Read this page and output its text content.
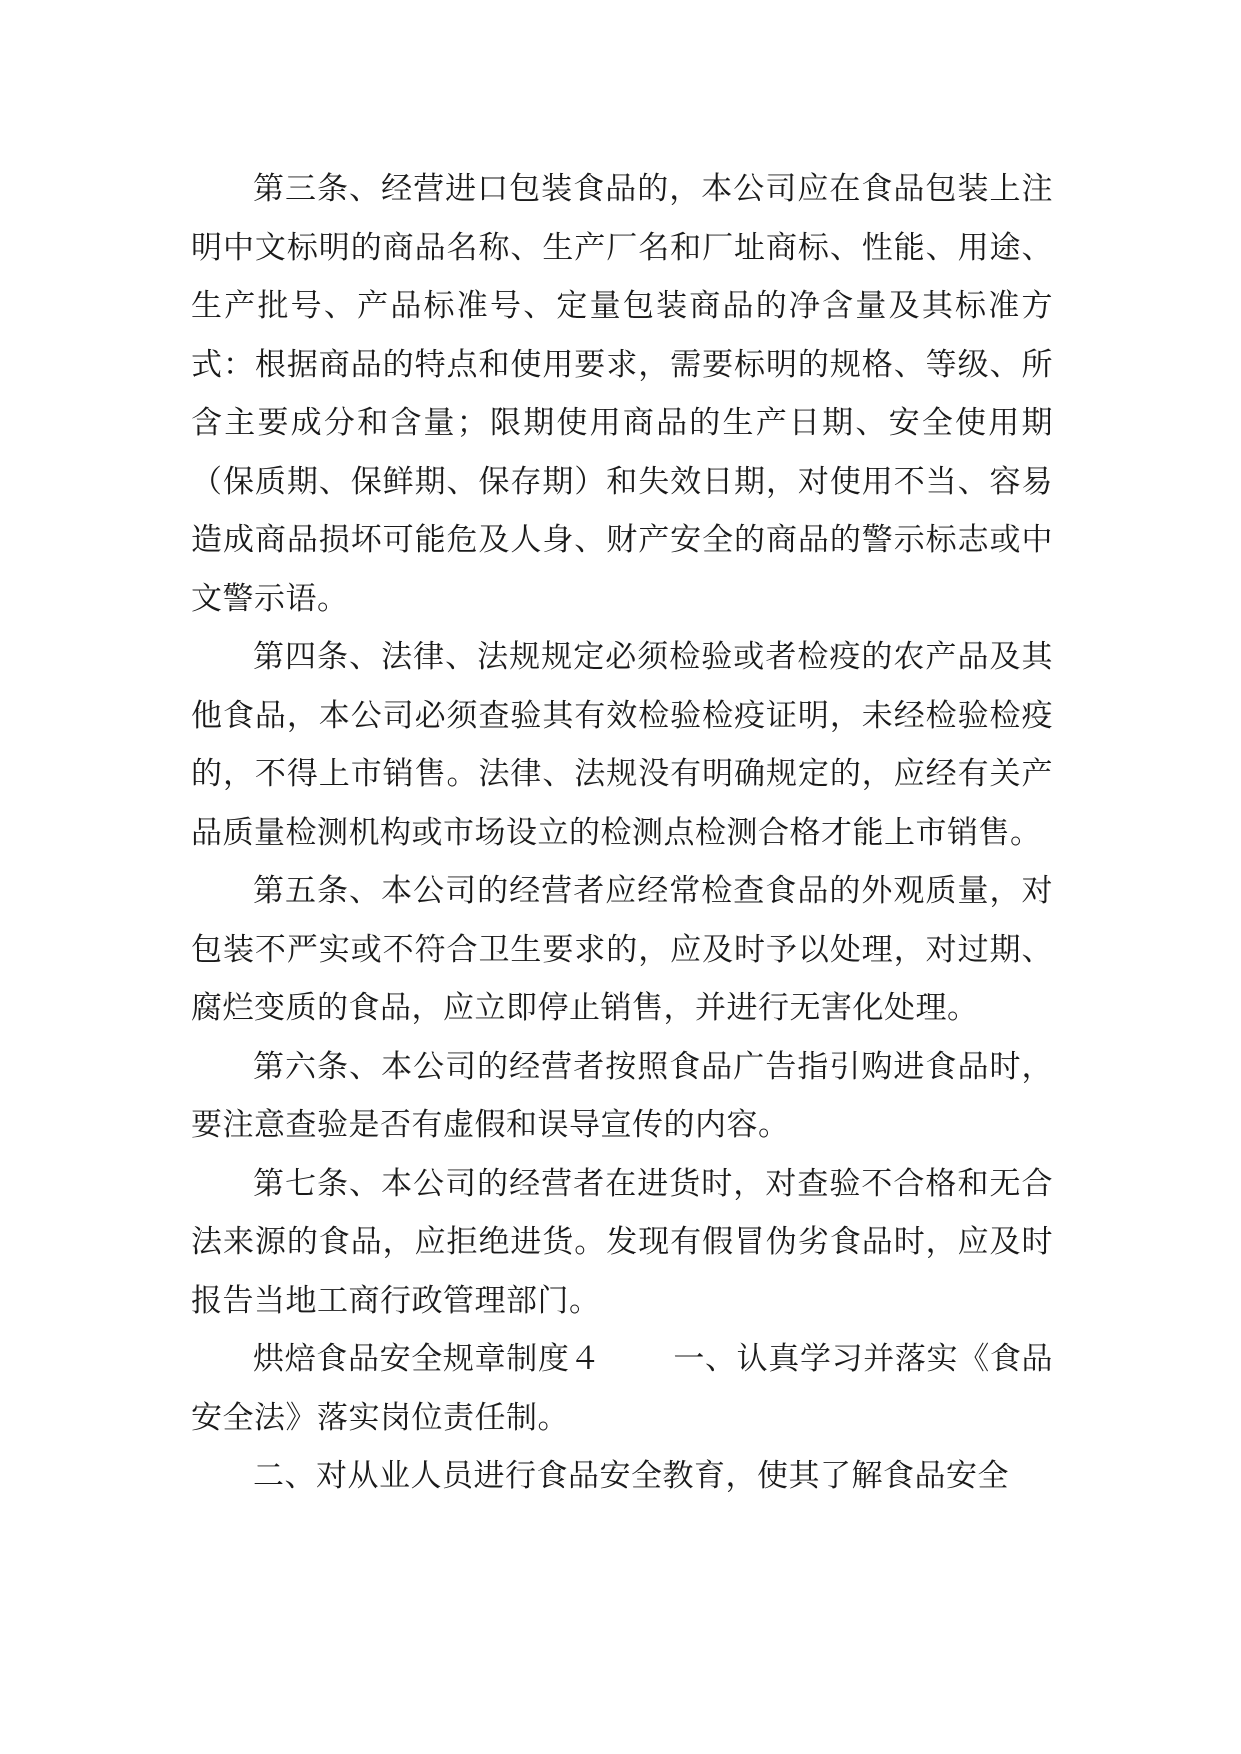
第三条、经营进口包装食品的，本公司应在食品包装上注明中文标明的商品名称、生产厂名和厂址商标、性能、用途、生产批号、产品标准号、定量包装商品的净含量及其标准方式：根据商品的特点和使用要求，需要标明的规格、等级、所含主要成分和含量；限期使用商品的生产日期、安全使用期（保质期、保鲜期、保存期）和失效日期，对使用不当、容易造成商品损坏可能危及人身、财产安全的商品的警示标志或中文警示语。

第四条、法律、法规规定必须检验或者检疫的农产品及其他食品，本公司必须查验其有效检验检疫证明，未经检验检疫的，不得上市销售。法律、法规没有明确规定的，应经有关产品质量检测机构或市场设立的检测点检测合格才能上市销售。

第五条、本公司的经营者应经常检查食品的外观质量，对包装不严实或不符合卫生要求的，应及时予以处理，对过期、腐烂变质的食品，应立即停止销售，并进行无害化处理。

第六条、本公司的经营者按照食品广告指引购进食品时，要注意查验是否有虚假和误导宣传的内容。

第七条、本公司的经营者在进货时，对查验不合格和无合法来源的食品，应拒绝进货。发现有假冒伪劣食品时，应及时报告当地工商行政管理部门。

烘焙食品安全规章制度４ 一、认真学习并落实《食品安全法》落实岗位责任制。

二、对从业人员进行食品安全教育，使其了解食品安全
